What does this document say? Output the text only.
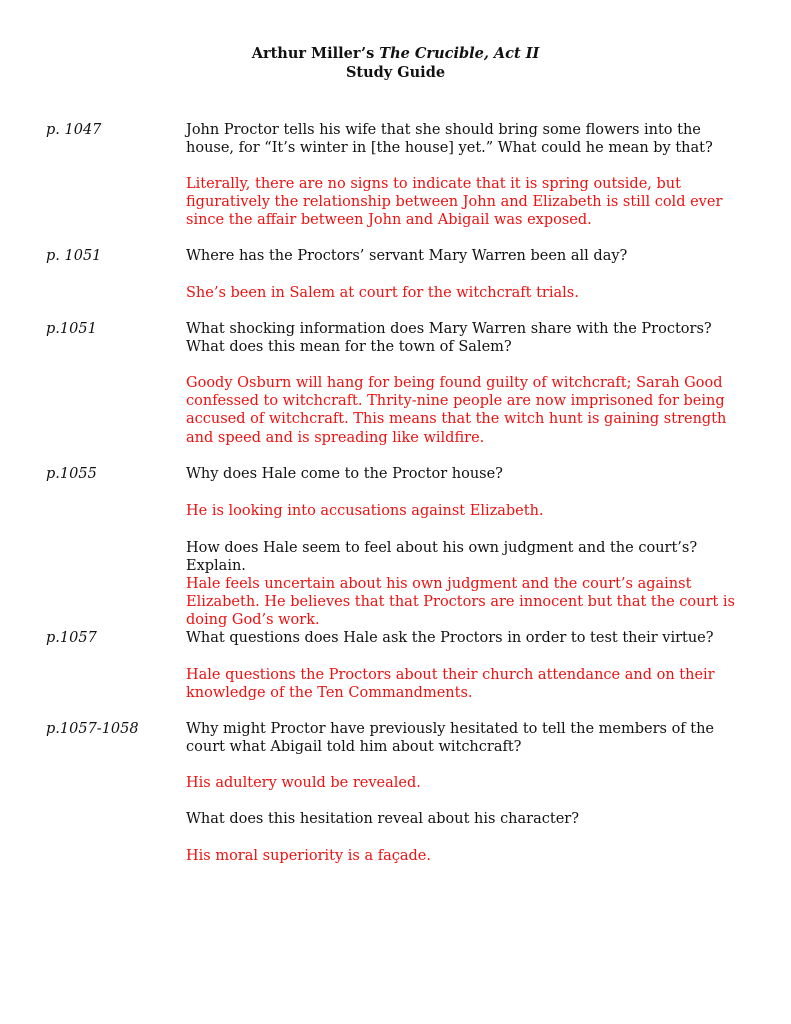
Arthur Miller’s The Crucible, Act II
Study Guide
p. 1047	John Proctor tells his wife that she should bring some flowers into the house, for “It’s winter in [the house] yet.” What could he mean by that?
Literally, there are no signs to indicate that it is spring outside, but figuratively the relationship between John and Elizabeth is still cold ever since the affair between John and Abigail was exposed.
p. 1051	Where has the Proctors’ servant Mary Warren been all day?
She’s been in Salem at court for the witchcraft trials.
p.1051	What shocking information does Mary Warren share with the Proctors? What does this mean for the town of Salem?
Goody Osburn will hang for being found guilty of witchcraft; Sarah Good confessed to witchcraft. Thrity-nine people are now imprisoned for being accused of witchcraft. This means that the witch hunt is gaining strength and speed and is spreading like wildfire.
p.1055	Why does Hale come to the Proctor house?
He is looking into accusations against Elizabeth.
How does Hale seem to feel about his own judgment and the court’s? Explain.
Hale feels uncertain about his own judgment and the court’s against Elizabeth. He believes that that Proctors are innocent but that the court is doing God’s work.
p.1057	What questions does Hale ask the Proctors in order to test their virtue?
Hale questions the Proctors about their church attendance and on their knowledge of the Ten Commandments.
p.1057-1058	Why might Proctor have previously hesitated to tell the members of the court what Abigail told him about witchcraft?
His adultery would be revealed.
What does this hesitation reveal about his character?
His moral superiority is a façade.
